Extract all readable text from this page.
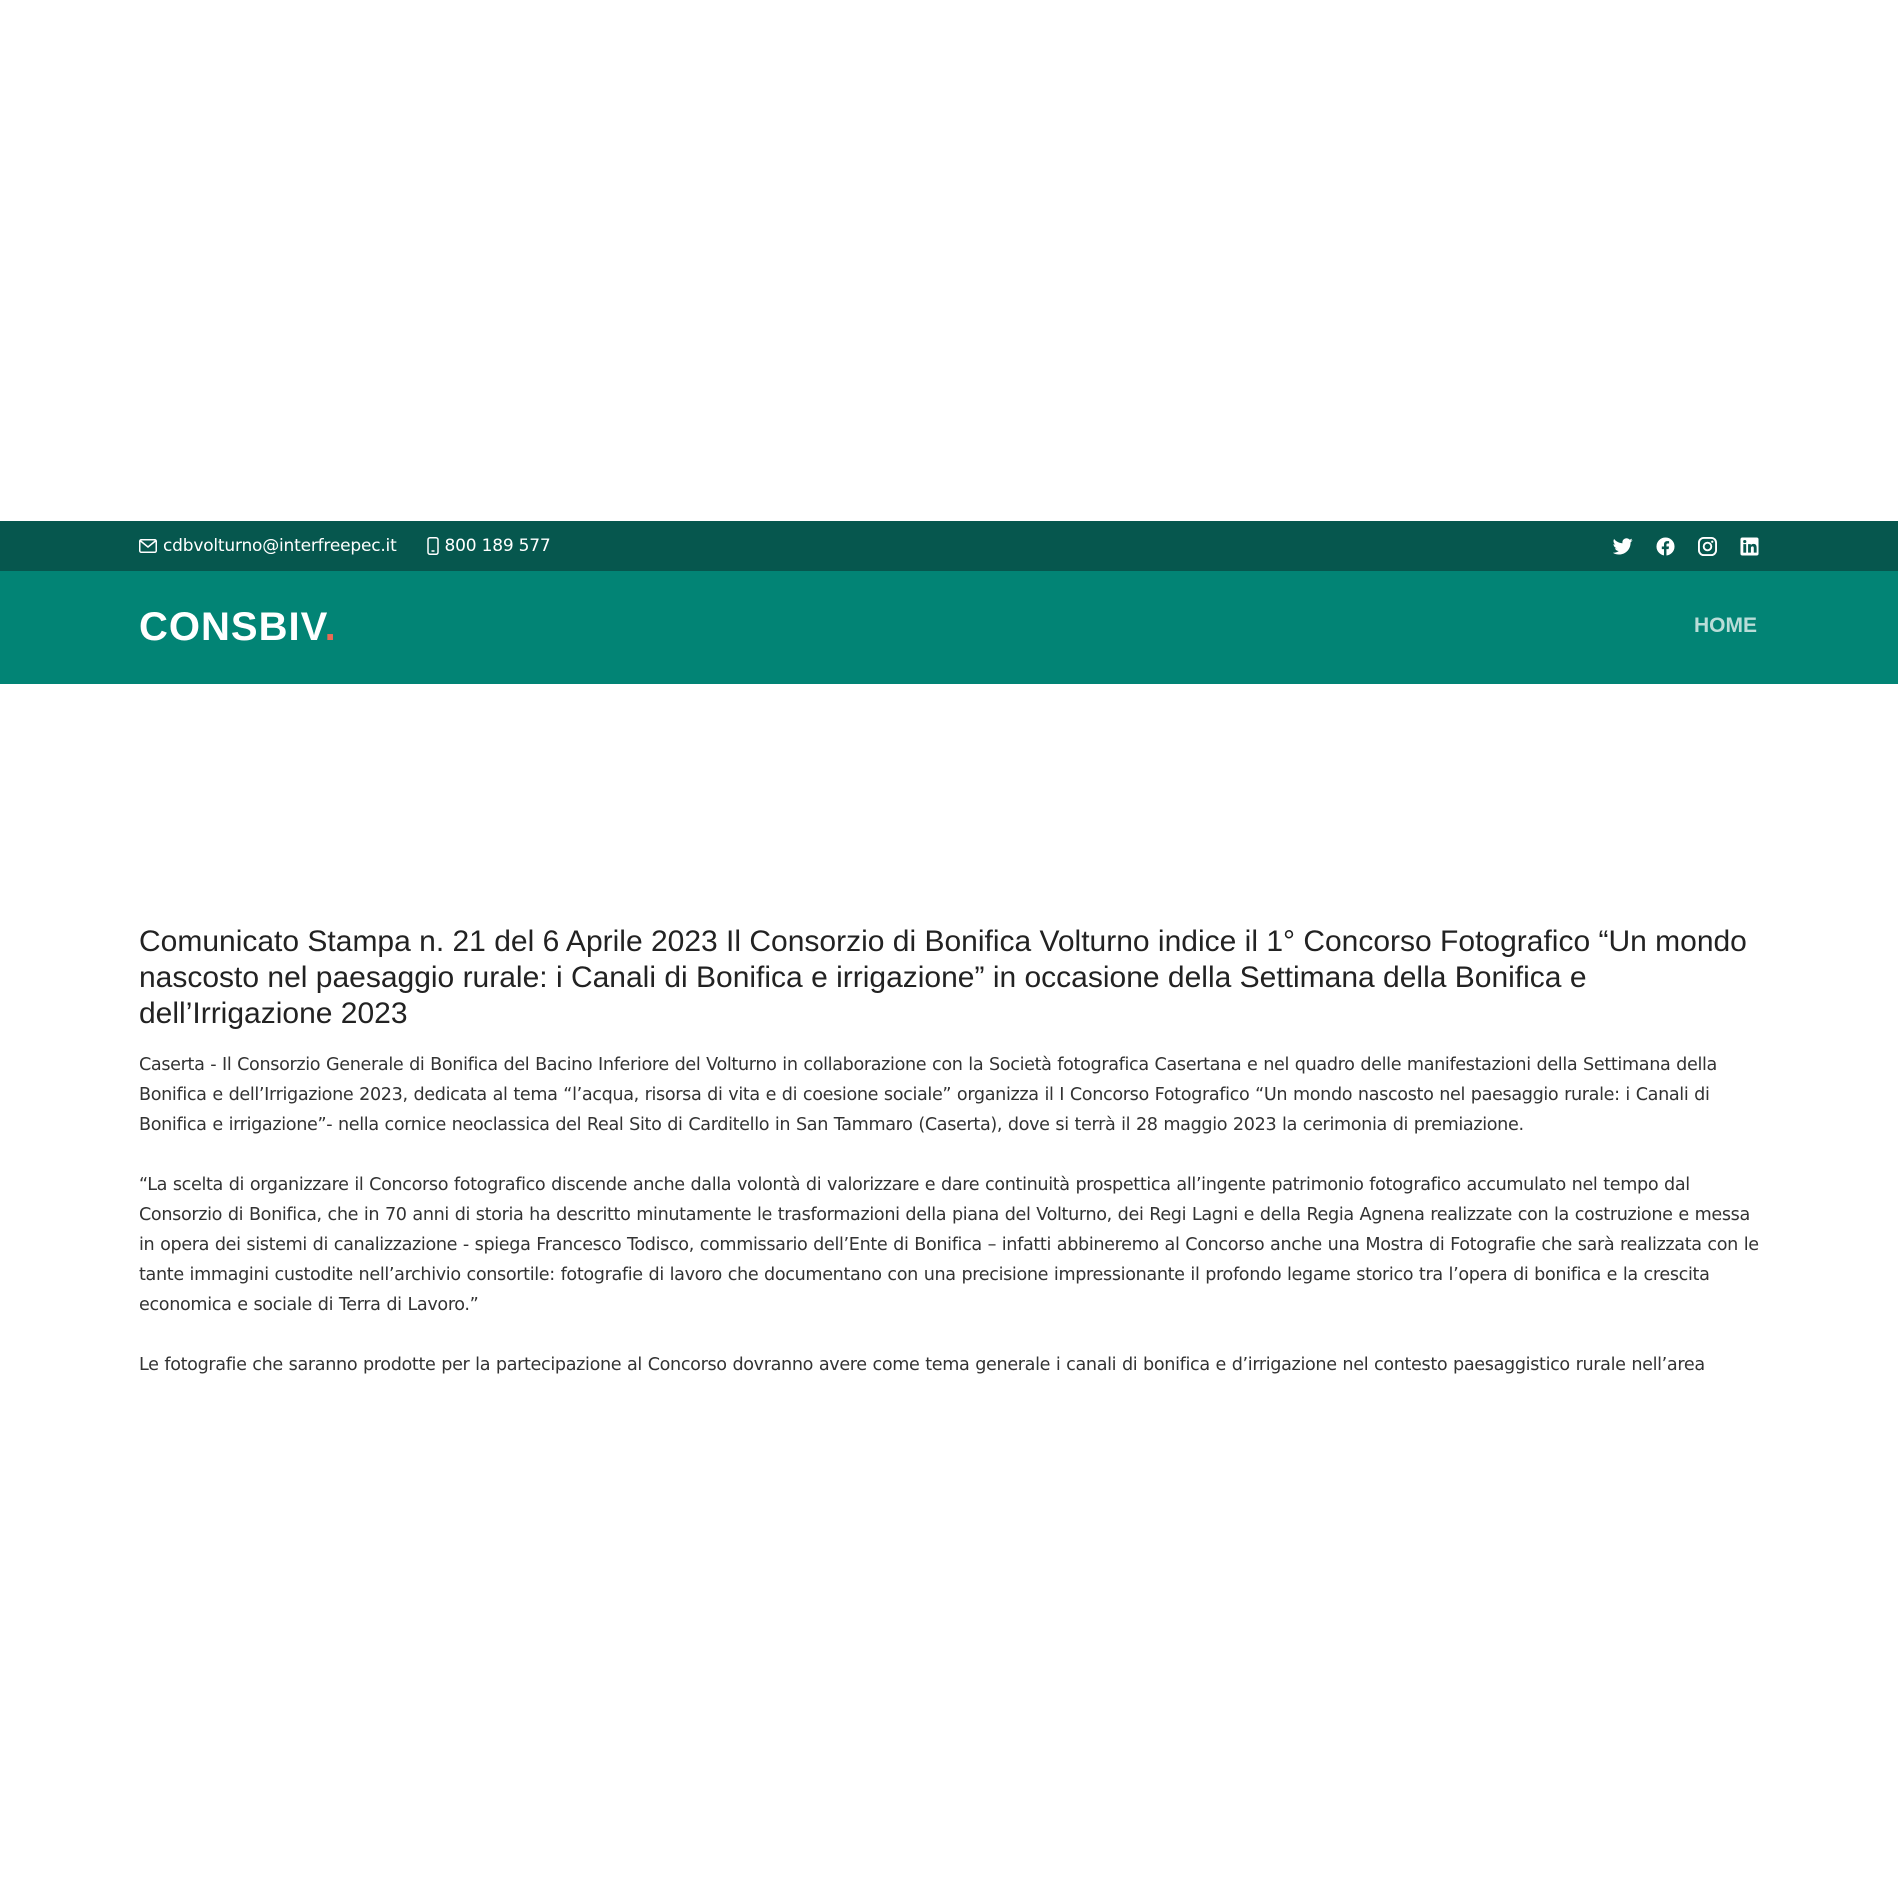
cdbvolturno@interfreepec.it	800 189 577
CONSBIV.	HOME
Comunicato Stampa n. 21 del 6 Aprile 2023 Il Consorzio di Bonifica Volturno indice il 1° Concorso Fotografico “Un mondo nascosto nel paesaggio rurale: i Canali di Bonifica e irrigazione” in occasione della Settimana della Bonifica e dell’Irrigazione 2023

Caserta - Il Consorzio Generale di Bonifica del Bacino Inferiore del Volturno in collaborazione con la Società fotografica Casertana e nel quadro delle manifestazioni della Settimana della Bonifica e dell’Irrigazione 2023, dedicata al tema “l’acqua, risorsa di vita e di coesione sociale” organizza il I Concorso Fotografico “Un mondo nascosto nel paesaggio rurale: i Canali di Bonifica e irrigazione”- nella cornice neoclassica del Real Sito di Carditello in San Tammaro (Caserta), dove si terrà il 28 maggio 2023 la cerimonia di premiazione.

“La scelta di organizzare il Concorso fotografico discende anche dalla volontà di valorizzare e dare continuità prospettica all’ingente patrimonio fotografico accumulato nel tempo dal Consorzio di Bonifica, che in 70 anni di storia ha descritto minutamente le trasformazioni della piana del Volturno, dei Regi Lagni e della Regia Agnena realizzate con la costruzione e messa in opera dei sistemi di canalizzazione - spiega Francesco Todisco, commissario dell’Ente di Bonifica – infatti abbineremo al Concorso anche una Mostra di Fotografie che sarà realizzata con le tante immagini custodite nell’archivio consortile: fotografie di lavoro che documentano con una precisione impressionante il profondo legame storico tra l’opera di bonifica e la crescita economica e sociale di Terra di Lavoro.”

Le fotografie che saranno prodotte per la partecipazione al Concorso dovranno avere come tema generale i canali di bonifica e d’irrigazione nel contesto paesaggistico rurale nell’area
